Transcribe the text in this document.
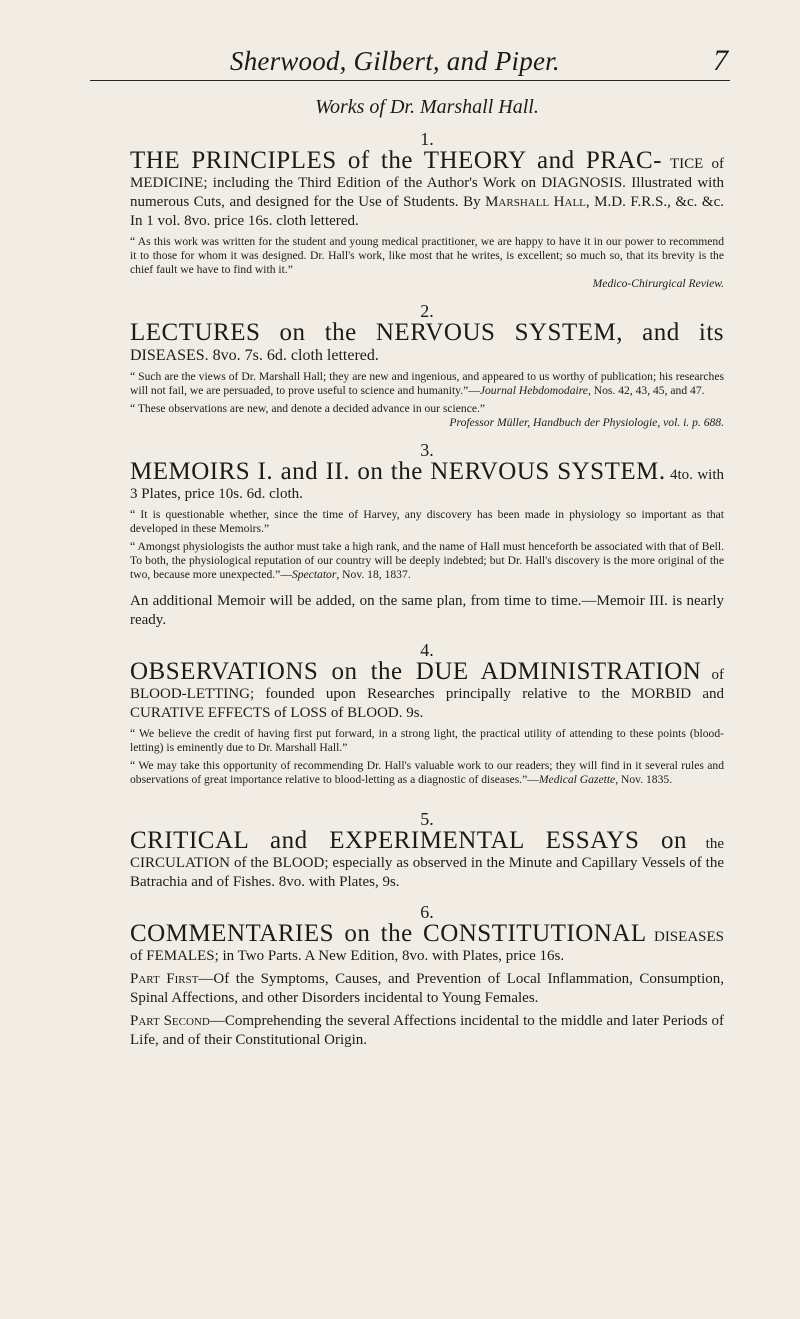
Sherwood, Gilbert, and Piper.	7
Works of Dr. Marshall Hall.
1.

THE PRINCIPLES of the THEORY and PRAC- TICE of MEDICINE; including the Third Edition of the Author's Work on DIAGNOSIS. Illustrated with numerous Cuts, and designed for the Use of Students. By Marshall Hall, M.D. F.R.S., &c. &c. In 1 vol. 8vo. price 16s. cloth lettered.

“ As this work was written for the student and young medical practitioner, we are happy to have it in our power to recommend it to those for whom it was designed. Dr. Hall's work, like most that he writes, is excellent; so much so, that its brevity is the chief fault we have to find with it.”

Medico-Chirurgical Review.

2.

LECTURES on the NERVOUS SYSTEM, and its DISEASES. 8vo. 7s. 6d. cloth lettered.

“ Such are the views of Dr. Marshall Hall; they are new and ingenious, and appeared to us worthy of publication; his researches will not fail, we are persuaded, to prove useful to science and humanity.”—Journal Hebdomodaire, Nos. 42, 43, 45, and 47.

“ These observations are new, and denote a decided advance in our science.”

Professor Müller, Handbuch der Physiologie, vol. i. p. 688.

3.

MEMOIRS I. and II. on the NERVOUS SYSTEM. 4to. with 3 Plates, price 10s. 6d. cloth.

“ It is questionable whether, since the time of Harvey, any discovery has been made in physiology so important as that developed in these Memoirs.”

“ Amongst physiologists the author must take a high rank, and the name of Hall must henceforth be associated with that of Bell. To both, the physiological reputation of our country will be deeply indebted; but Dr. Hall's discovery is the more original of the two, because more unexpected.”—Spectator, Nov. 18, 1837.

An additional Memoir will be added, on the same plan, from time to time.—Memoir III. is nearly ready.

4.

OBSERVATIONS on the DUE ADMINISTRATION of BLOOD-LETTING; founded upon Researches principally relative to the MORBID and CURATIVE EFFECTS of LOSS of BLOOD. 9s.

“ We believe the credit of having first put forward, in a strong light, the practical utility of attending to these points (blood-letting) is eminently due to Dr. Marshall Hall.”

“ We may take this opportunity of recommending Dr. Hall's valuable work to our readers; they will find in it several rules and observations of great importance relative to blood-letting as a diagnostic of diseases.”—Medical Gazette, Nov. 1835.

5.

CRITICAL and EXPERIMENTAL ESSAYS on the CIRCULATION of the BLOOD; especially as observed in the Minute and Capillary Vessels of the Batrachia and of Fishes. 8vo. with Plates, 9s.

6.

COMMENTARIES on the CONSTITUTIONAL DISEASES of FEMALES; in Two Parts. A New Edition, 8vo. with Plates, price 16s.

Part First—Of the Symptoms, Causes, and Prevention of Local Inflammation, Consumption, Spinal Affections, and other Disorders incidental to Young Females.

Part Second—Comprehending the several Affections incidental to the middle and later Periods of Life, and of their Constitutional Origin.
